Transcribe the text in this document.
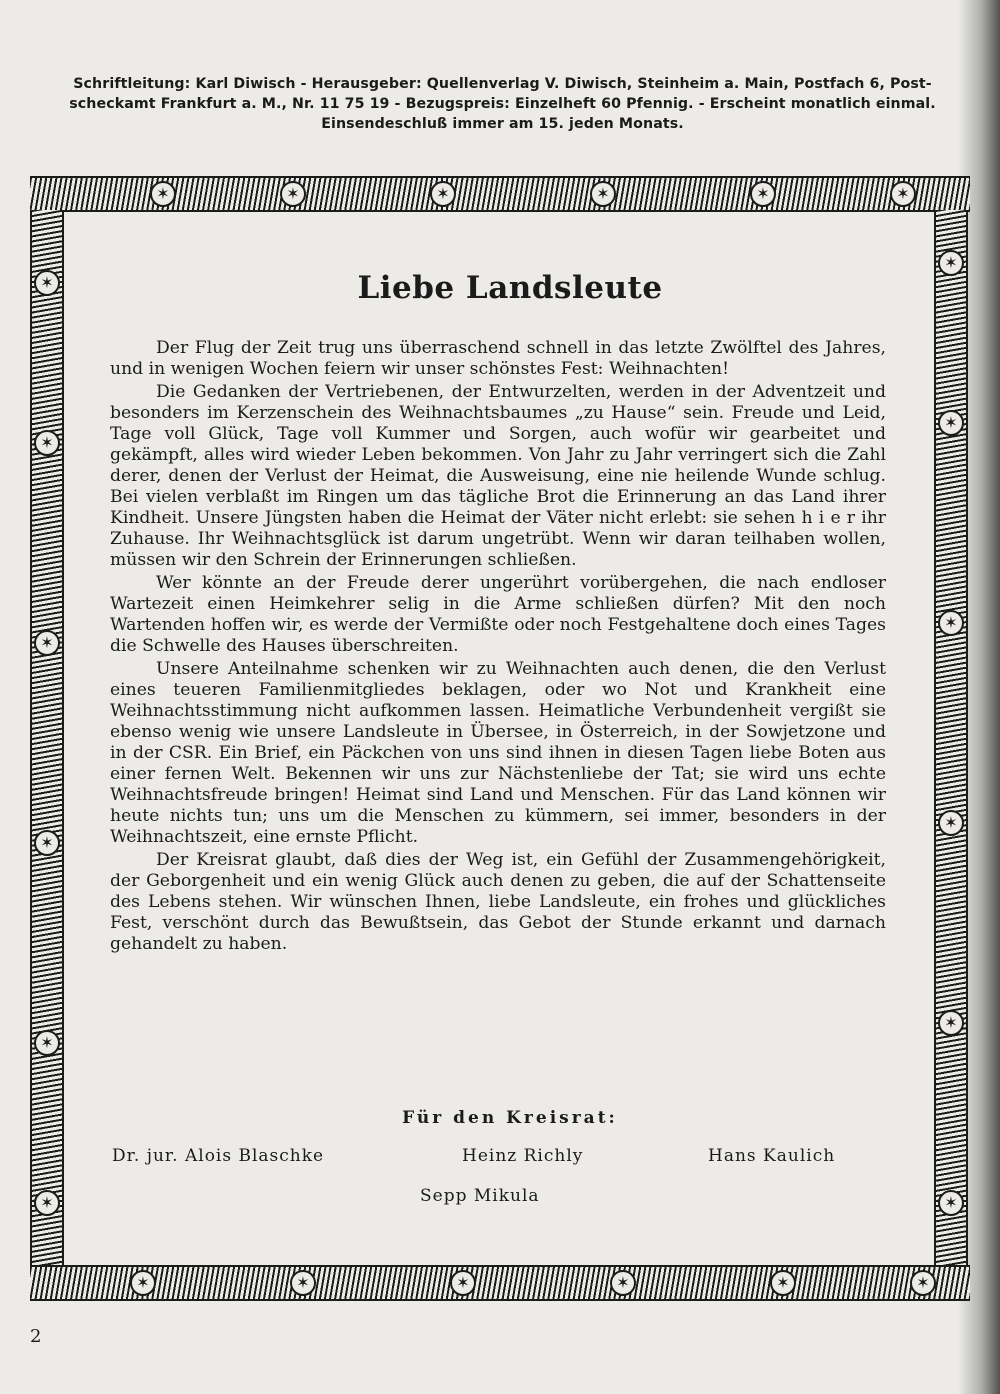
Schriftleitung: Karl Diwisch - Herausgeber: Quellenverlag V. Diwisch, Steinheim a. Main, Postfach 6, Post-
scheckamt Frankfurt a. M., Nr. 11 75 19 - Bezugspreis: Einzelheft 60 Pfennig. - Erscheint monatlich einmal.
Einsendeschluß immer am 15. jeden Monats.
✶	✶	✶	✶	✶	✶
✶
✶
✶
✶
✶
✶
✶
✶
✶
✶
✶
✶
✶	✶	✶	✶	✶	✶
Liebe Landsleute

Der Flug der Zeit trug uns überraschend schnell in das letzte Zwölftel des Jahres, und in wenigen Wochen feiern wir unser schönstes Fest: Weihnachten!

Die Gedanken der Vertriebenen, der Entwurzelten, werden in der Adventzeit und besonders im Kerzenschein des Weihnachtsbaumes „zu Hause“ sein. Freude und Leid, Tage voll Glück, Tage voll Kummer und Sorgen, auch wofür wir gearbeitet und gekämpft, alles wird wieder Leben bekommen. Von Jahr zu Jahr verringert sich die Zahl derer, denen der Verlust der Heimat, die Ausweisung, eine nie heilende Wunde schlug. Bei vielen verblaßt im Ringen um das tägliche Brot die Erinnerung an das Land ihrer Kindheit. Unsere Jüngsten haben die Heimat der Väter nicht erlebt: sie sehen h i e r ihr Zuhause. Ihr Weihnachtsglück ist darum ungetrübt. Wenn wir daran teilhaben wollen, müssen wir den Schrein der Erinnerungen schließen.

Wer könnte an der Freude derer ungerührt vorübergehen, die nach endloser Wartezeit einen Heimkehrer selig in die Arme schließen dürfen? Mit den noch Wartenden hoffen wir, es werde der Vermißte oder noch Festgehaltene doch eines Tages die Schwelle des Hauses überschreiten.

Unsere Anteilnahme schenken wir zu Weihnachten auch denen, die den Verlust eines teueren Familienmitgliedes beklagen, oder wo Not und Krankheit eine Weihnachtsstimmung nicht aufkommen lassen. Heimatliche Verbundenheit vergißt sie ebenso wenig wie unsere Landsleute in Übersee, in Österreich, in der Sowjetzone und in der CSR. Ein Brief, ein Päckchen von uns sind ihnen in diesen Tagen liebe Boten aus einer fernen Welt. Bekennen wir uns zur Nächstenliebe der Tat; sie wird uns echte Weihnachtsfreude bringen! Heimat sind Land und Menschen. Für das Land können wir heute nichts tun; uns um die Menschen zu kümmern, sei immer, besonders in der Weihnachtszeit, eine ernste Pflicht.

Der Kreisrat glaubt, daß dies der Weg ist, ein Gefühl der Zusammengehörigkeit, der Geborgenheit und ein wenig Glück auch denen zu geben, die auf der Schattenseite des Lebens stehen. Wir wünschen Ihnen, liebe Landsleute, ein frohes und glückliches Fest, verschönt durch das Bewußtsein, das Gebot der Stunde erkannt und darnach gehandelt zu haben.

Für den Kreisrat:
Dr. jur. Alois Blaschke	Heinz Richly	Hans Kaulich
Sepp Mikula
2
